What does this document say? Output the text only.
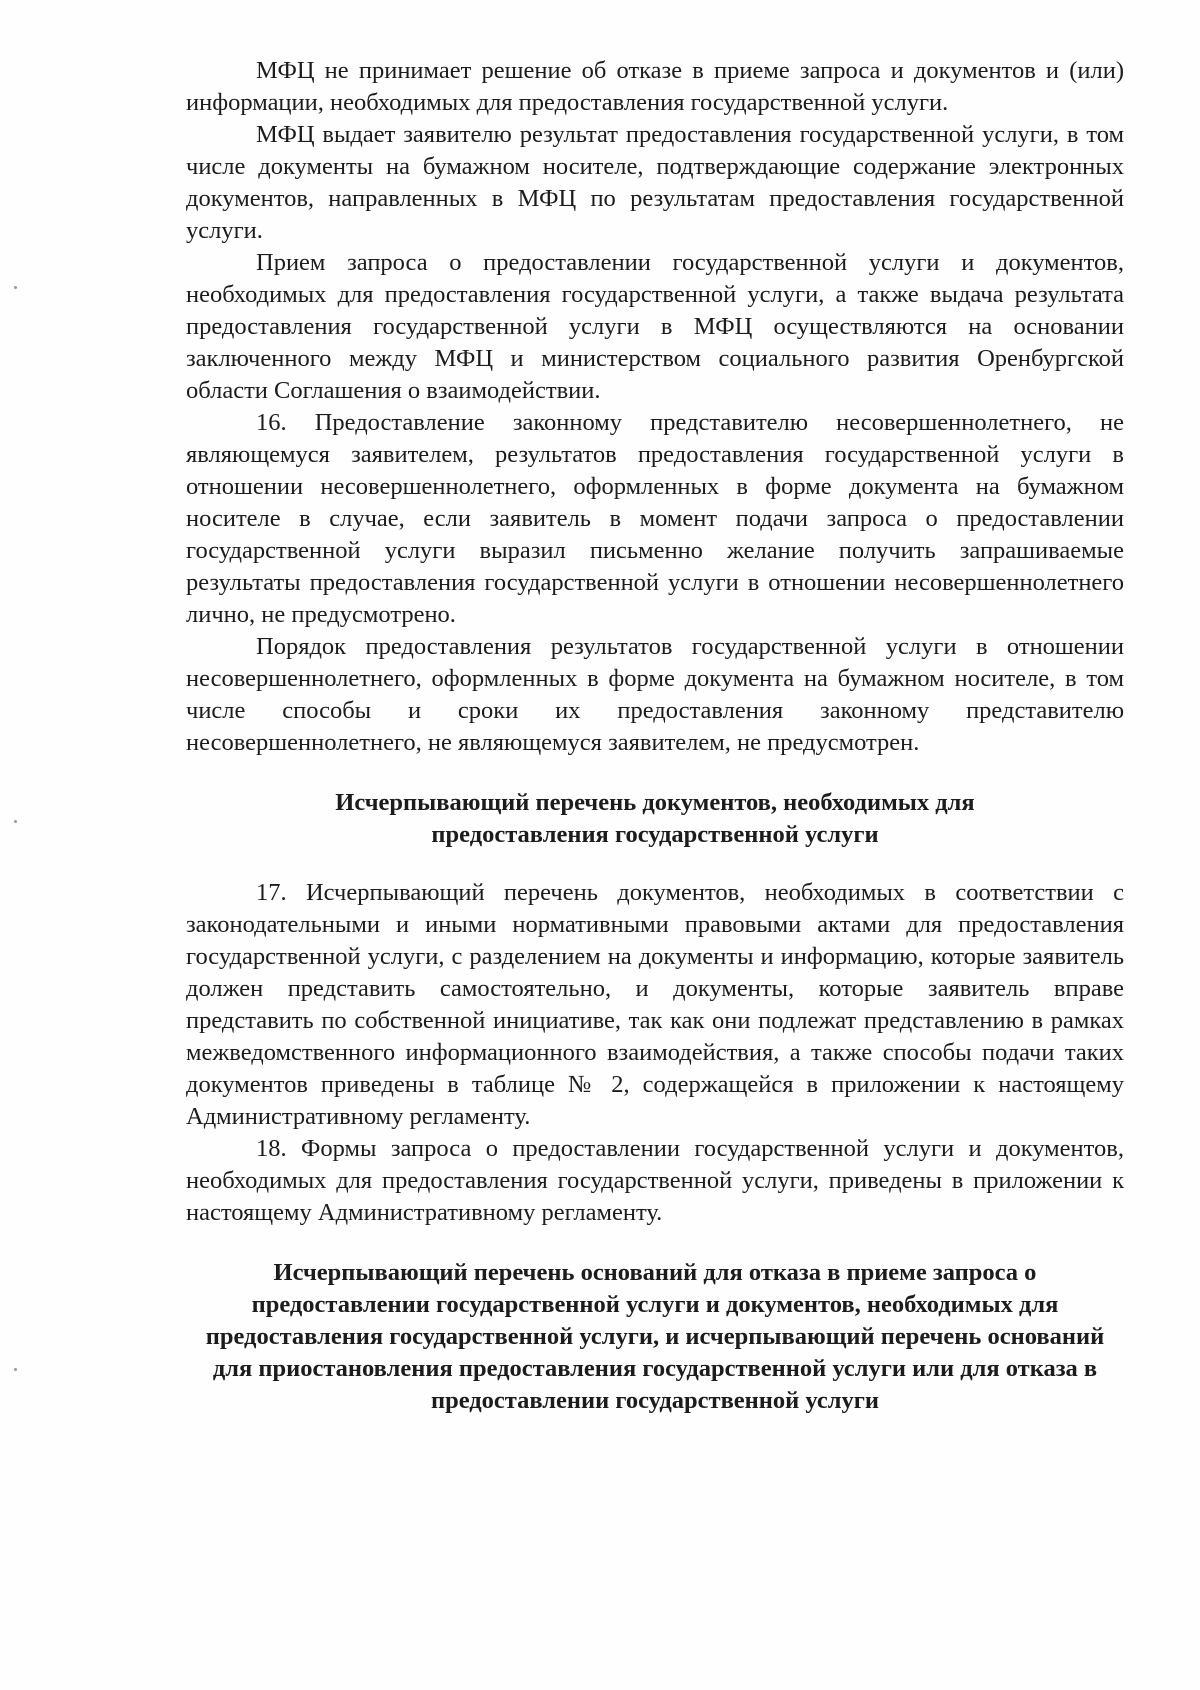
МФЦ не принимает решение об отказе в приеме запроса и документов и (или) информации, необходимых для предоставления государственной услуги.

МФЦ выдает заявителю результат предоставления государственной услуги, в том числе документы на бумажном носителе, подтверждающие содержание электронных документов, направленных в МФЦ по результатам предоставления государственной услуги.

Прием запроса о предоставлении государственной услуги и документов, необходимых для предоставления государственной услуги, а также выдача результата предоставления государственной услуги в МФЦ осуществляются на основании заключенного между МФЦ и министерством социального развития Оренбургской области Соглашения о взаимодействии.

16. Предоставление законному представителю несовершеннолетнего, не являющемуся заявителем, результатов предоставления государственной услуги в отношении несовершеннолетнего, оформленных в форме документа на бумажном носителе в случае, если заявитель в момент подачи запроса о предоставлении государственной услуги выразил письменно желание получить запрашиваемые результаты предоставления государственной услуги в отношении несовершеннолетнего лично, не предусмотрено.

Порядок предоставления результатов государственной услуги в отношении несовершеннолетнего, оформленных в форме документа на бумажном носителе, в том числе способы и сроки их предоставления законному представителю несовершеннолетнего, не являющемуся заявителем, не предусмотрен.

Исчерпывающий перечень документов, необходимых для предоставления государственной услуги

17. Исчерпывающий перечень документов, необходимых в соответствии с законодательными и иными нормативными правовыми актами для предоставления государственной услуги, с разделением на документы и информацию, которые заявитель должен представить самостоятельно, и документы, которые заявитель вправе представить по собственной инициативе, так как они подлежат представлению в рамках межведомственного информационного взаимодействия, а также способы подачи таких документов приведены в таблице № 2, содержащейся в приложении к настоящему Административному регламенту.

18. Формы запроса о предоставлении государственной услуги и документов, необходимых для предоставления государственной услуги, приведены в приложении к настоящему Административному регламенту.

Исчерпывающий перечень оснований для отказа в приеме запроса о предоставлении государственной услуги и документов, необходимых для предоставления государственной услуги, и исчерпывающий перечень оснований для приостановления предоставления государственной услуги или для отказа в предоставлении государственной услуги
